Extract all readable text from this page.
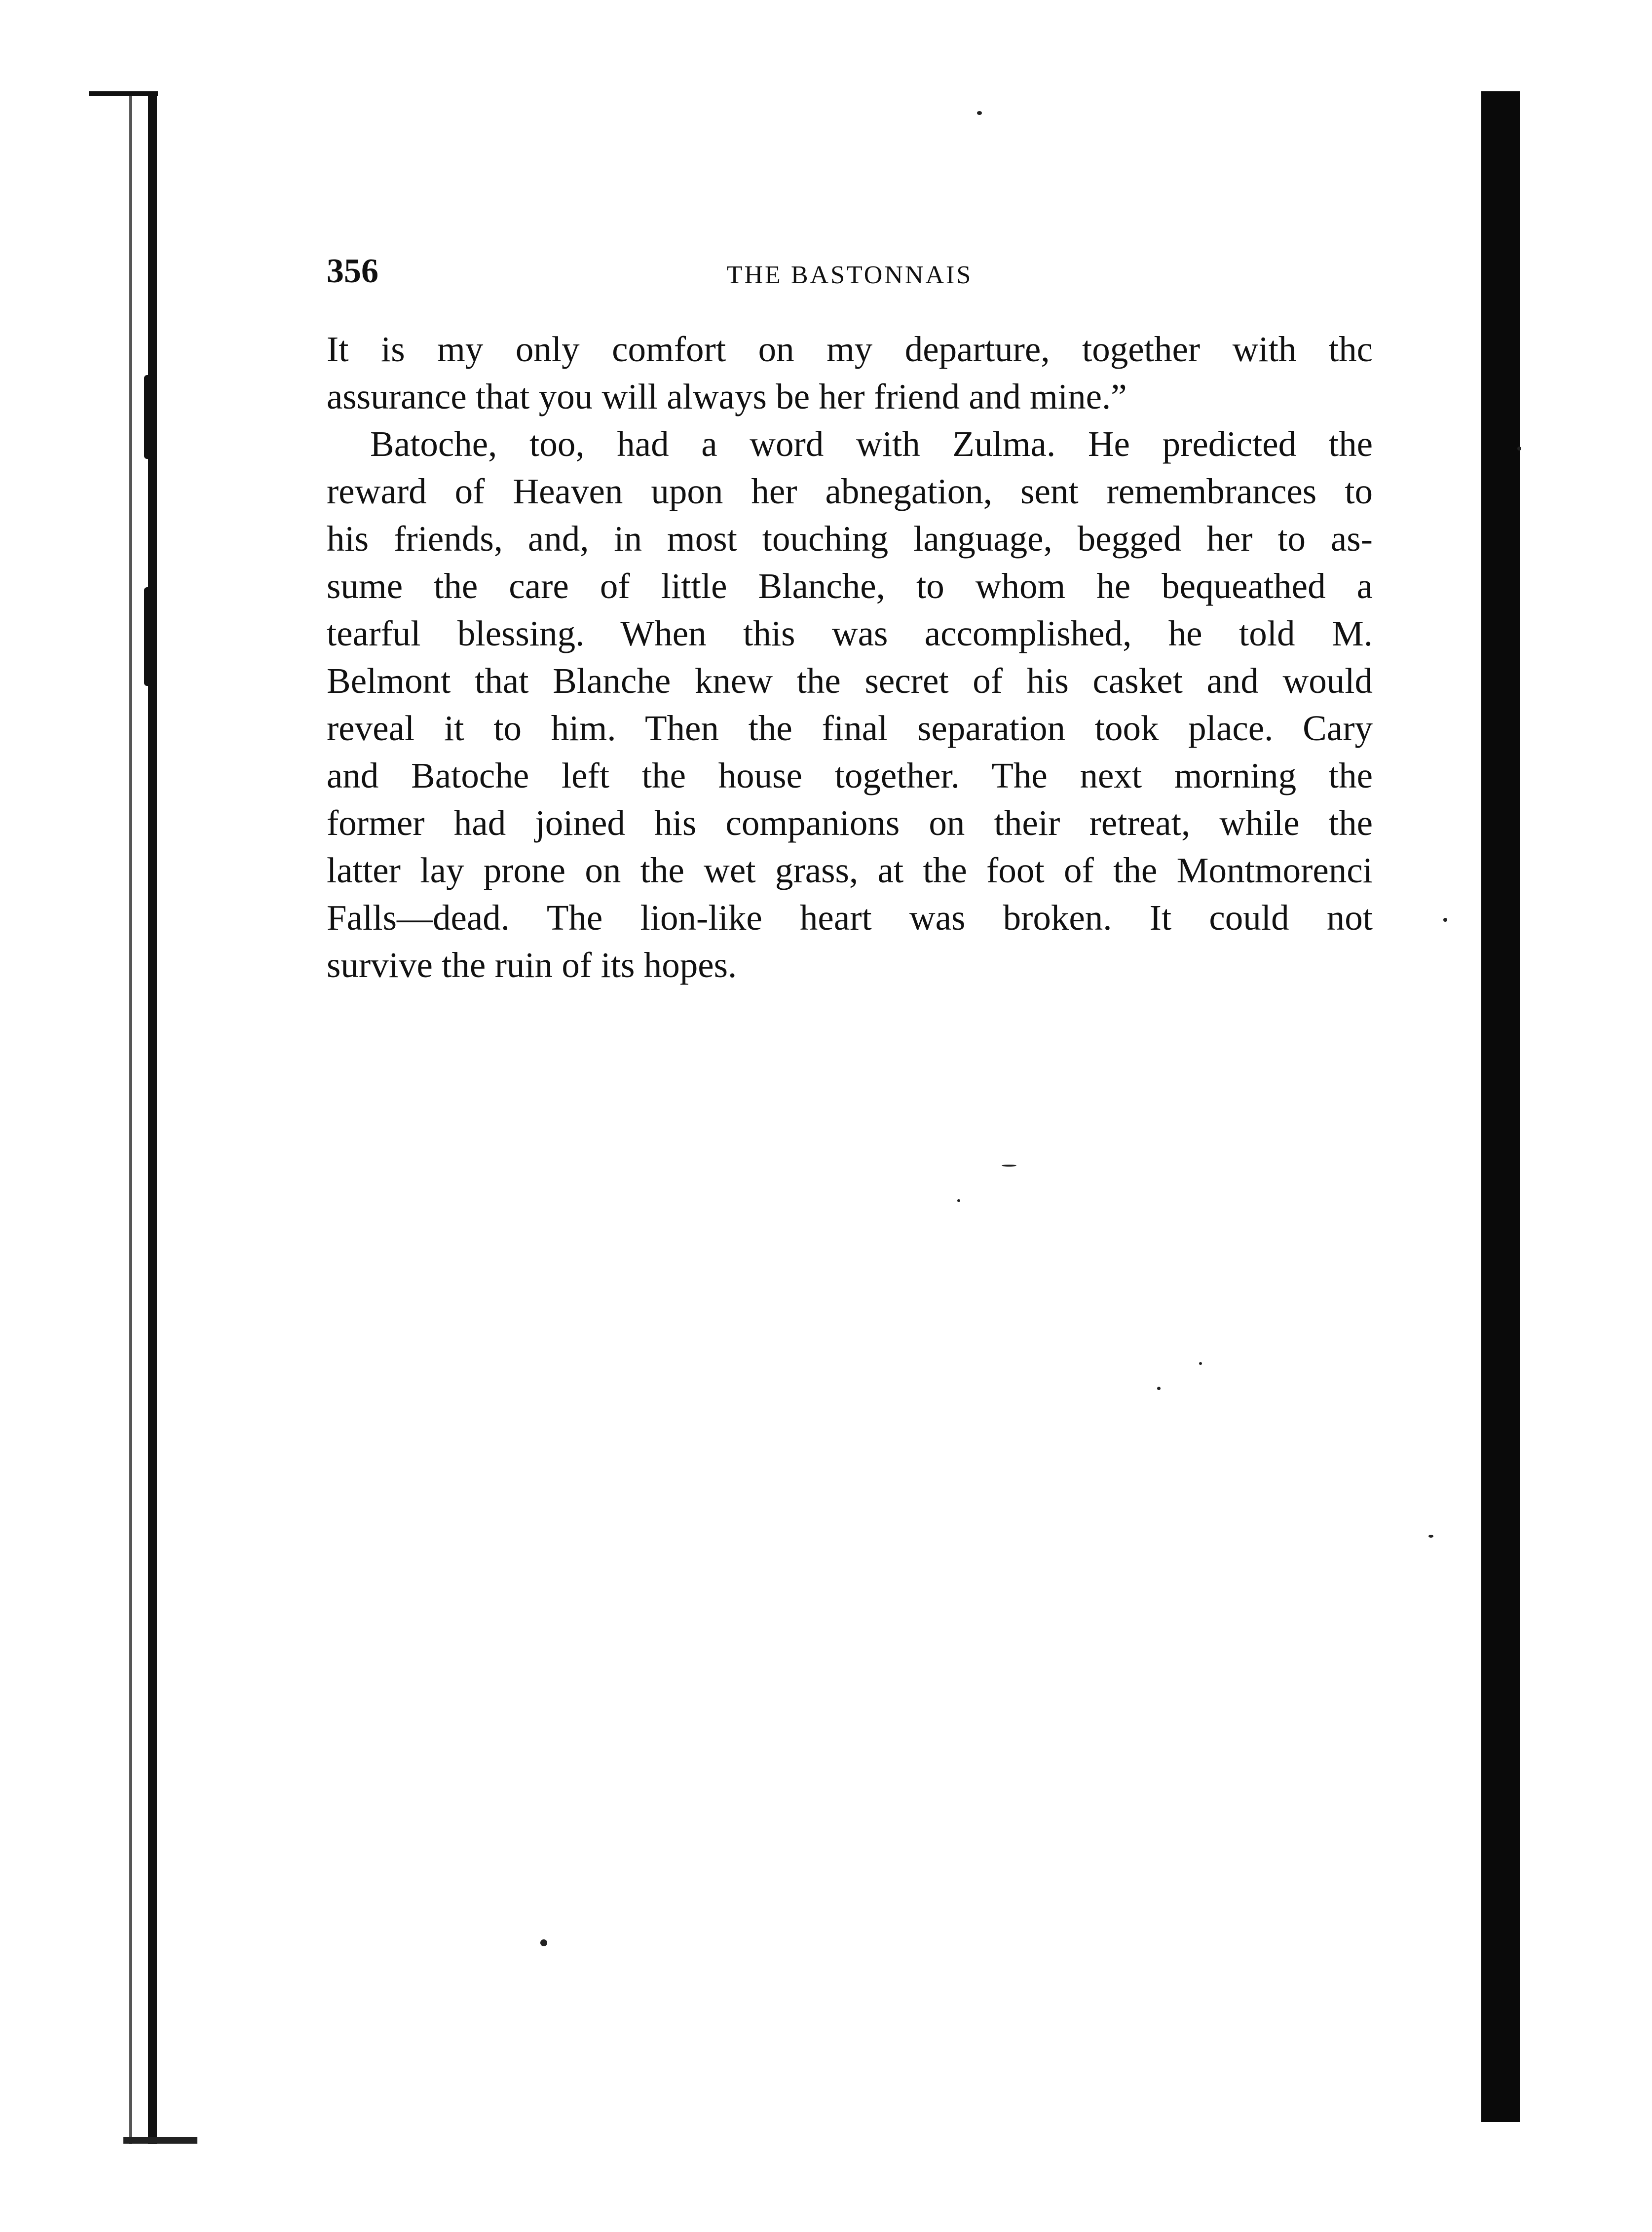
356	THE BASTONNAIS
It is my only comfort on my departure, together with thc
assurance that you will always be her friend and mine.”
Batoche, too, had a word with Zulma. He predicted the
reward of Heaven upon her abnegation, sent remembrances to
his friends, and, in most touching language, begged her to as-
sume the care of little Blanche, to whom he bequeathed a
tearful blessing. When this was accomplished, he told M.
Belmont that Blanche knew the secret of his casket and would
reveal it to him. Then the final separation took place. Cary
and Batoche left the house together. The next morning the
former had joined his companions on their retreat, while the
latter lay prone on the wet grass, at the foot of the Montmorenci
Falls—dead. The lion-like heart was broken. It could not
survive the ruin of its hopes.
